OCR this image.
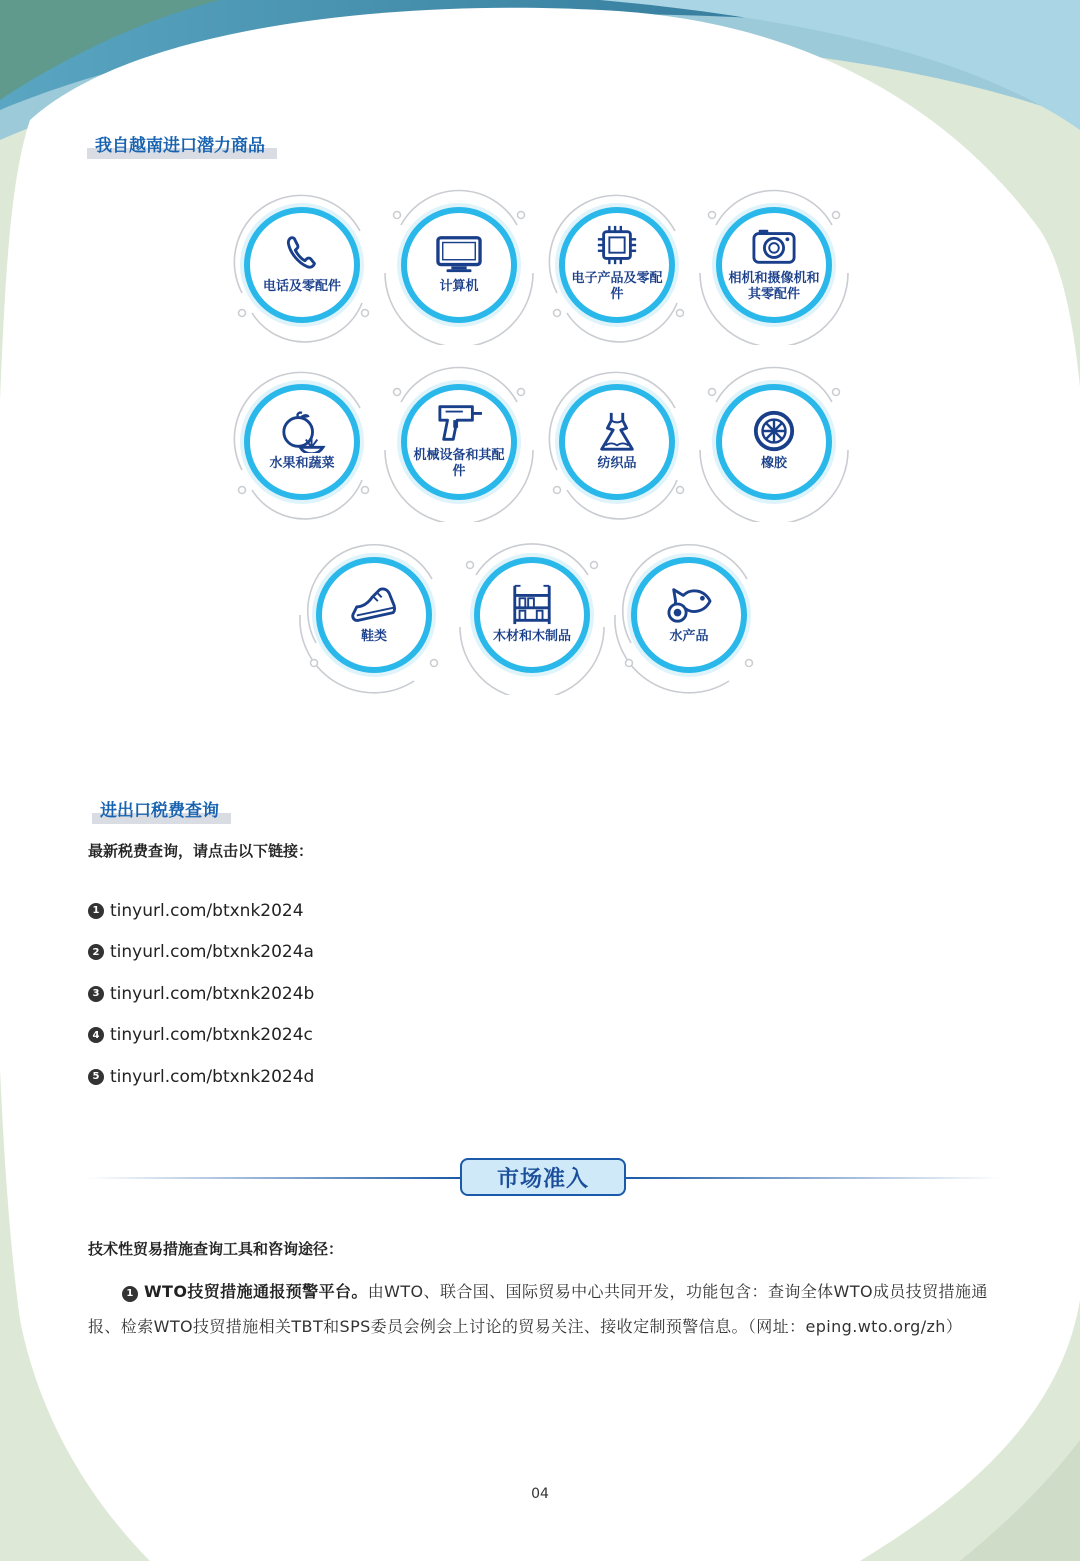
我自越南进口潜力商品
电话及零配件	计算机
电子产品及零配件
相机和摄像机和其零配件
水果和蔬菜
机械设备和其配件
纺织品	橡胶
鞋类	木材和木制品	水产品
进出口税费查询
最新税费查询，请点击以下链接：
1 tinyurl.com/btxnk2024
2 tinyurl.com/btxnk2024a
3 tinyurl.com/btxnk2024b
4 tinyurl.com/btxnk2024c
5 tinyurl.com/btxnk2024d
市场准入
技术性贸易措施查询工具和咨询途径：
1 WTO技贸措施通报预警平台。由WTO、联合国、国际贸易中心共同开发，功能包含：查询全体WTO成员技贸措施通报、检索WTO技贸措施相关TBT和SPS委员会例会上讨论的贸易关注、接收定制预警信息。（网址：eping.wto.org/zh）
04
